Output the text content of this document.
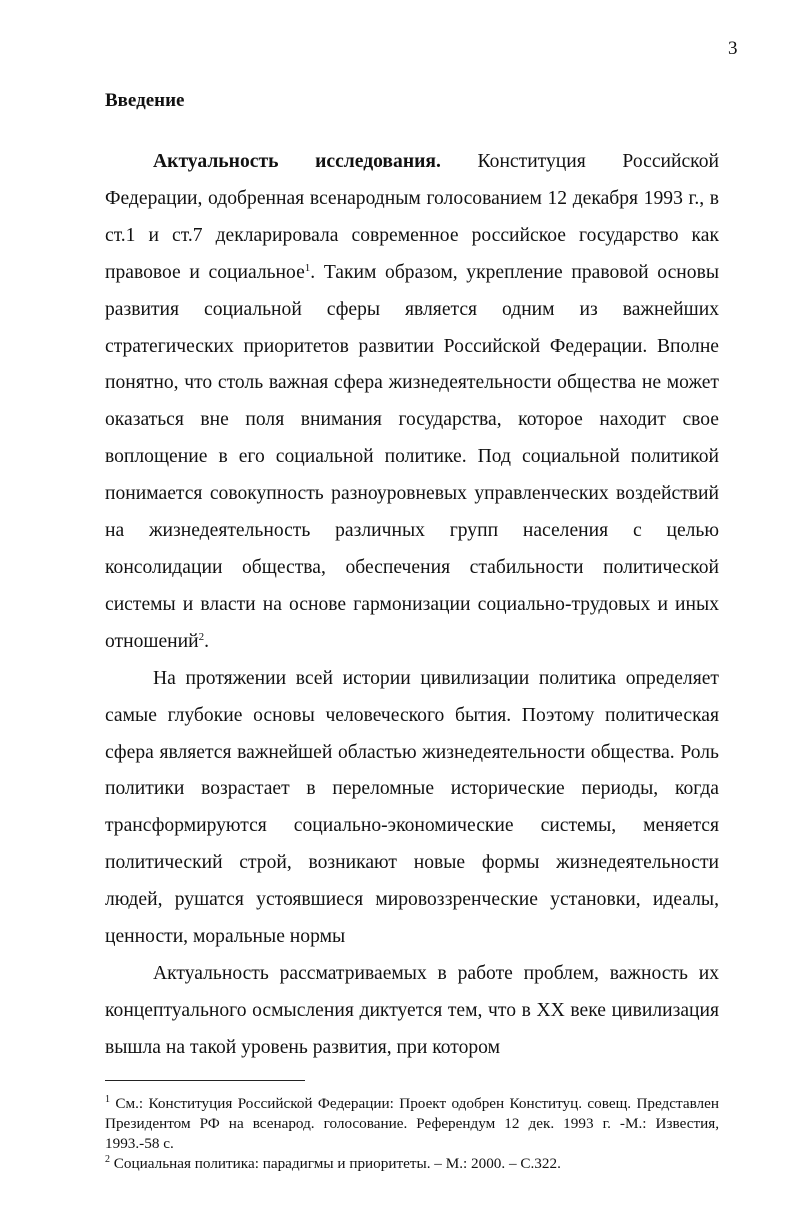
3
Введение

Актуальность исследования. Конституция Российской Федерации, одобренная всенародным голосованием 12 декабря 1993 г., в ст.1 и ст.7 декларировала современное российское государство как правовое и социальное$^1$. Таким образом, укрепление правовой основы развития социальной сферы является одним из важнейших стратегических приоритетов развитии Российской Федерации. Вполне понятно, что столь важная сфера жизнедеятельности общества не может оказаться вне поля внимания государства, которое находит свое воплощение в его социальной политике. Под социальной политикой понимается совокупность разноуровневых управленческих воздействий на жизнедеятельность различных групп населения с целью консолидации общества, обеспечения стабильности политической системы и власти на основе гармонизации социально-трудовых и иных отношений$^2$.

На протяжении всей истории цивилизации политика определяет самые глубокие основы человеческого бытия. Поэтому политическая сфера является важнейшей областью жизнедеятельности общества. Роль политики возрастает в переломные исторические периоды, когда трансформируются социально-экономические системы, меняется политический строй, возникают новые формы жизнедеятельности людей, рушатся устоявшиеся мировоззренческие установки, идеалы, ценности, моральные нормы

Актуальность рассматриваемых в работе проблем, важность их концептуального осмысления диктуется тем, что в XX веке цивилизация вышла на такой уровень развития, при котором

$^1$ См.: Конституция Российской Федерации: Проект одобрен Конституц. совещ. Представлен Президентом РФ на всенарод. голосование. Референдум 12 дек. 1993 г. -М.: Известия, 1993.-58 с.

$^2$ Социальная политика: парадигмы и приоритеты. – М.: 2000. – С.322.
